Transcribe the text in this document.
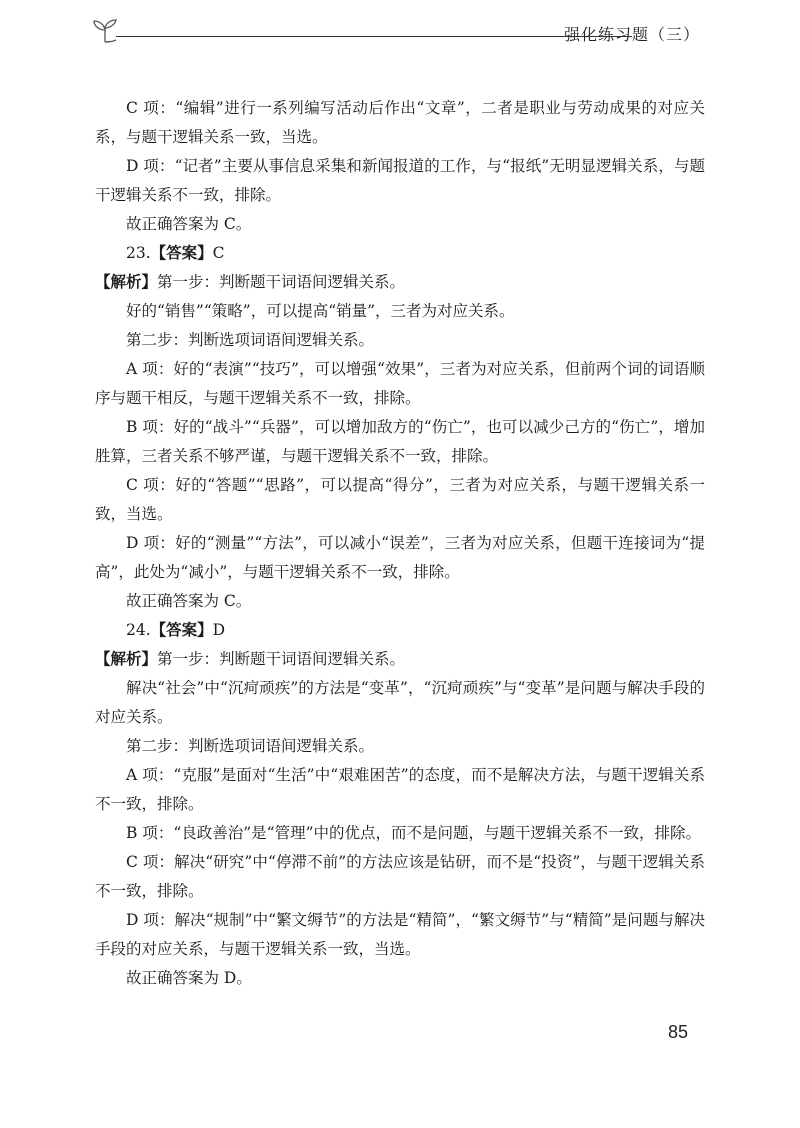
强化练习题（三）

C 项：“编辑”进行一系列编写活动后作出“文章”，二者是职业与劳动成果的对应关系，与题干逻辑关系一致，当选。

D 项：“记者”主要从事信息采集和新闻报道的工作，与“报纸”无明显逻辑关系，与题干逻辑关系不一致，排除。

故正确答案为 C。

23.【答案】C

【解析】第一步：判断题干词语间逻辑关系。

好的“销售”“策略”，可以提高“销量”，三者为对应关系。

第二步：判断选项词语间逻辑关系。

A 项：好的“表演”“技巧”，可以增强“效果”，三者为对应关系，但前两个词的词语顺序与题干相反，与题干逻辑关系不一致，排除。

B 项：好的“战斗”“兵器”，可以增加敌方的“伤亡”，也可以减少己方的“伤亡”，增加胜算，三者关系不够严谨，与题干逻辑关系不一致，排除。

C 项：好的“答题”“思路”，可以提高“得分”，三者为对应关系，与题干逻辑关系一致，当选。

D 项：好的“测量”“方法”，可以减小“误差”，三者为对应关系，但题干连接词为“提高”，此处为“减小”，与题干逻辑关系不一致，排除。

故正确答案为 C。

24.【答案】D

【解析】第一步：判断题干词语间逻辑关系。

解决“社会”中“沉疴顽疾”的方法是“变革”，“沉疴顽疾”与“变革”是问题与解决手段的对应关系。

第二步：判断选项词语间逻辑关系。

A 项：“克服”是面对“生活”中“艰难困苦”的态度，而不是解决方法，与题干逻辑关系不一致，排除。

B 项：“良政善治”是“管理”中的优点，而不是问题，与题干逻辑关系不一致，排除。

C 项：解决“研究”中“停滞不前”的方法应该是钻研，而不是“投资”，与题干逻辑关系不一致，排除。

D 项：解决“规制”中“繁文缛节”的方法是“精简”，“繁文缛节”与“精简”是问题与解决手段的对应关系，与题干逻辑关系一致，当选。

故正确答案为 D。

85
